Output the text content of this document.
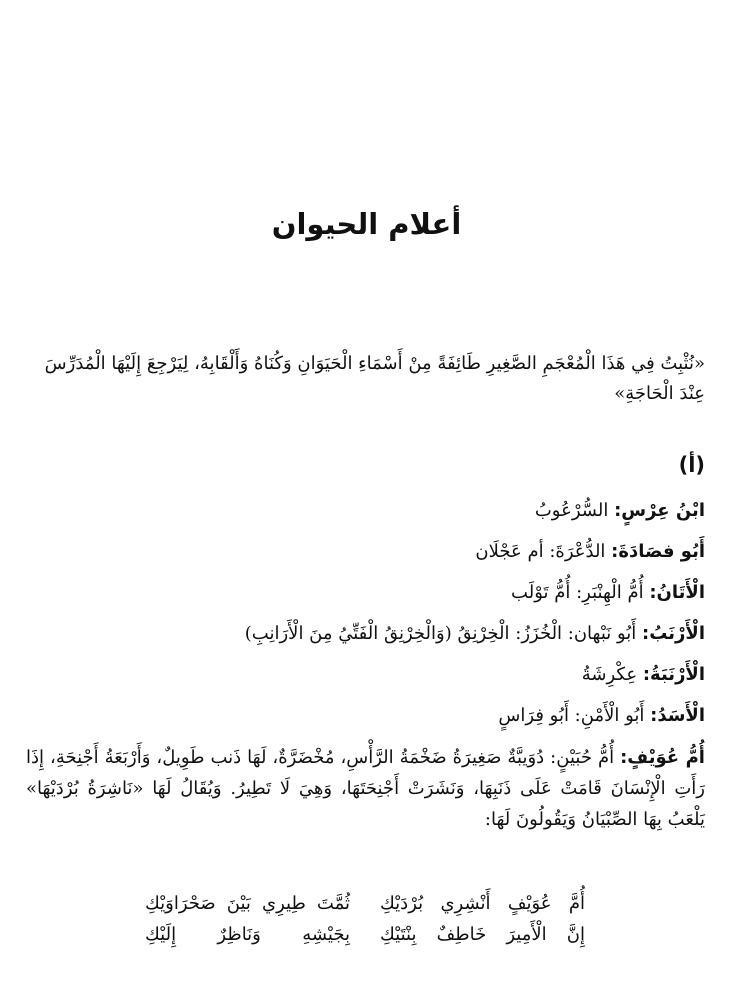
أعلام الحيوان

«نُثْبِتُ فِي هَذَا الْمُعْجَمِ الصَّغِيرِ طَائِفَةً مِنْ أَسْمَاءِ الْحَيَوَانِ وَكُنَاهُ وَأَلْقَابِهُ، لِيَرْجِعَ إِلَيْهَا الْمُدَرِّسَ عِنْدَ الْحَاجَةِ»

(أ)
ابْنُ عِرْسٍ: السُّرْعُوبُ
أَبُو فصَادَةَ: الدُّعْرَةَ: أم عَجْلَان
الْأَتَانُ: أُمُّ الْهِنْبَرِ: أُمُّ تَوْلَب
الْأَرْنَبُ: أَبُو نَبْهان: الْخُزَزُ: الْخِرْنِقُ (وَالْخِرْنِقُ الْفَتِّيُ مِنَ الْأَرَانِبِ)
الْأَرْنَبَةُ: عِكْرِشَةُ
الْأَسَدُ: أَبُو الْأَمْنِ: أَبُو فِرَاسٍ
أُمُّ عُوَيْفٍ: أُمُّ حُبَيْنٍ: دُوَيبَّةٌ صَغِيرَةُ ضَخْمَةُ الرَّأْسِ، مُخْضَرَّةٌ، لَهَا ذَنب طَوِيلٌ، وَأَرْبَعَةُ أَجْنِحَةِ، إِذَا رَأَتِ الْإِنْسَانَ قَامَتْ عَلَى ذَنَبِهَا، وَنَشَرَتْ أَجْنِحَتَهَا، وَهِيَ لَا تَطِيرُ. وَيُقَالُ لَهَا «نَاشِرَةُ بُرْدَيْهَا» يَلْعَبُ بِهَا الصِّبْيَانُ وَيَقُولُونَ لَهَا:
أُمَّ عُوَيْفٍ أَنْشِرِي بُرْدَيْكِ
ثُمَّتَ طِيرِي بَيْنَ صَحْرَاوَيْكِ
إِنَّ الْأَمِيرَ خَاطِفٌ بِنْتَيْكِ
بِجَيْشِهِ وَنَاظِرٌ إِلَيْكِ
